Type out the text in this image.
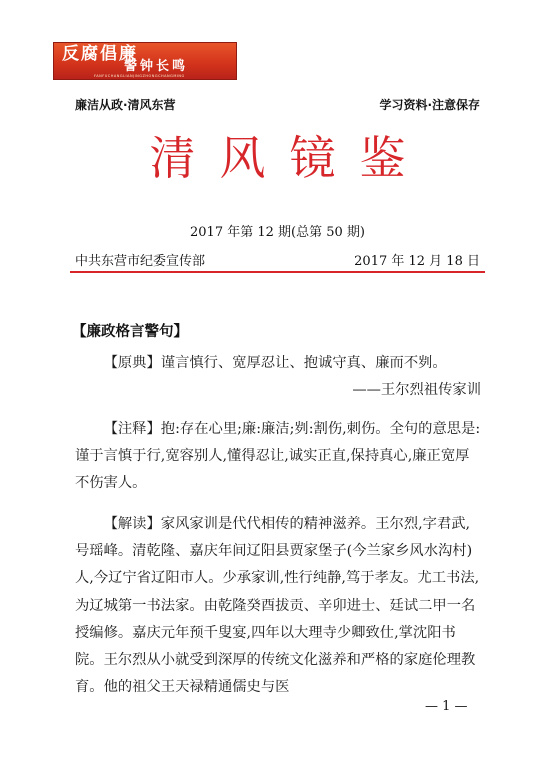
反腐倡廉
警钟长鸣
FANFUCHANGLIANJINGZHONGCHANGMING
廉洁从政·清风东营	学习资料·注意保存
清风镜鉴
2017 年第 12 期(总第 50 期)
中共东营市纪委宣传部	2017 年 12 月 18 日
【廉政格言警句】

【原典】谨言慎行、宽厚忍让、抱诚守真、廉而不刿。

——王尔烈祖传家训

【注释】抱:存在心里;廉:廉洁;刿:割伤,刺伤。全句的意思是:谨于言慎于行,宽容别人,懂得忍让,诚实正直,保持真心,廉正宽厚不伤害人。

【解读】家风家训是代代相传的精神滋养。王尔烈,字君武,号瑶峰。清乾隆、嘉庆年间辽阳县贾家堡子(今兰家乡风水沟村)人,今辽宁省辽阳市人。少承家训,性行纯静,笃于孝友。尤工书法,为辽城第一书法家。由乾隆癸酉拔贡、辛卯进士、廷试二甲一名授编修。嘉庆元年预千叟宴,四年以大理寺少卿致仕,掌沈阳书院。王尔烈从小就受到深厚的传统文化滋养和严格的家庭伦理教育。他的祖父王天禄精通儒史与医

— 1 —
